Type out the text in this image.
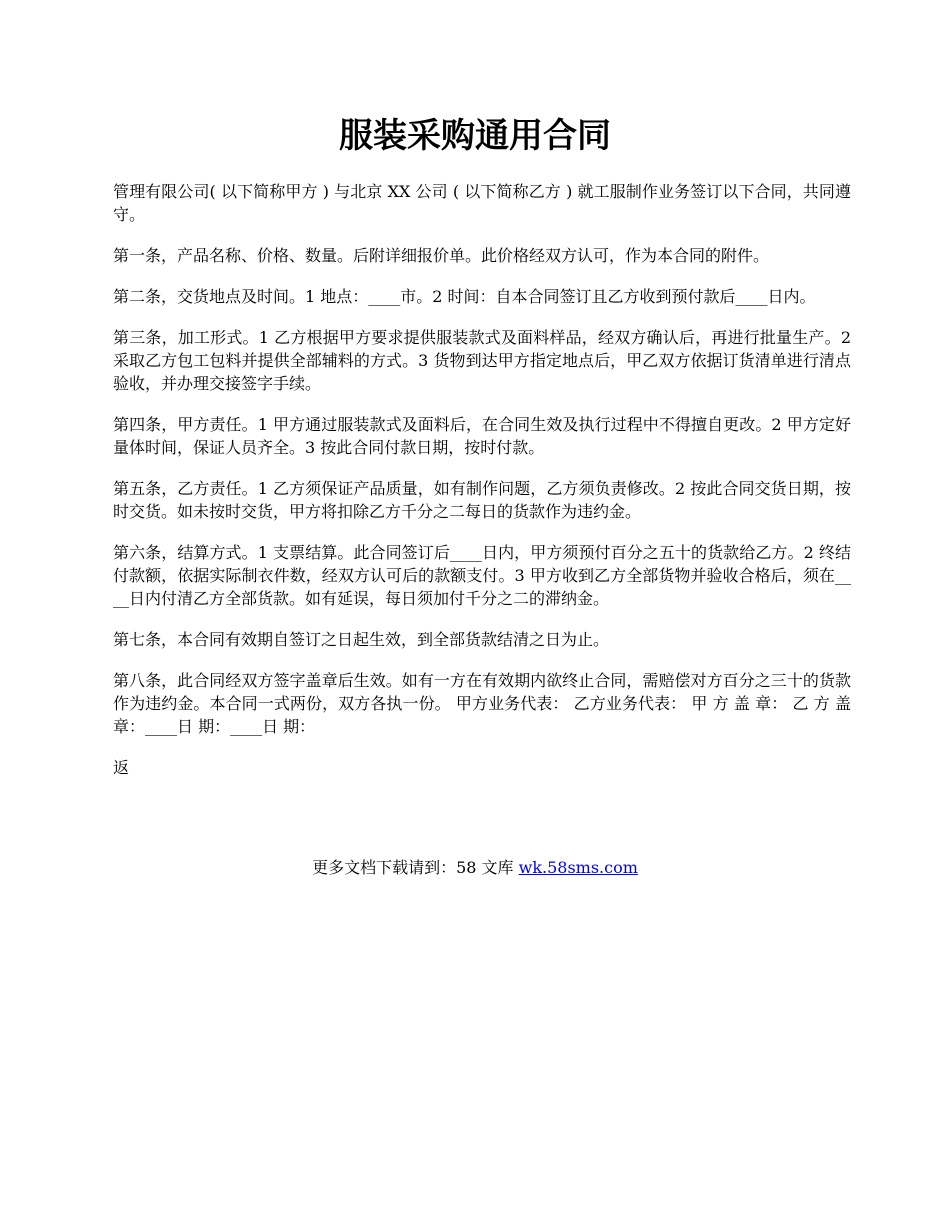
服装采购通用合同

管理有限公司( 以下简称甲方 ) 与北京 XX 公司 ( 以下简称乙方 ) 就工服制作业务签订以下合同，共同遵守。

第一条，产品名称、价格、数量。后附详细报价单。此价格经双方认可，作为本合同的附件。

第二条，交货地点及时间。1 地点：____市。2 时间：自本合同签订且乙方收到预付款后____日内。

第三条，加工形式。1 乙方根据甲方要求提供服装款式及面料样品，经双方确认后，再进行批量生产。2 采取乙方包工包料并提供全部辅料的方式。3 货物到达甲方指定地点后，甲乙双方依据订货清单进行清点验收，并办理交接签字手续。

第四条，甲方责任。1 甲方通过服装款式及面料后，在合同生效及执行过程中不得擅自更改。2 甲方定好量体时间，保证人员齐全。3 按此合同付款日期，按时付款。

第五条，乙方责任。1 乙方须保证产品质量，如有制作问题，乙方须负责修改。2 按此合同交货日期，按时交货。如未按时交货，甲方将扣除乙方千分之二每日的货款作为违约金。

第六条，结算方式。1 支票结算。此合同签订后____日内，甲方须预付百分之五十的货款给乙方。2 终结付款额，依据实际制衣件数，经双方认可后的款额支付。3 甲方收到乙方全部货物并验收合格后，须在____日内付清乙方全部货款。如有延误，每日须加付千分之二的滞纳金。

第七条，本合同有效期自签订之日起生效，到全部货款结清之日为止。

第八条，此合同经双方签字盖章后生效。如有一方在有效期内欲终止合同，需赔偿对方百分之三十的货款作为违约金。本合同一式两份，双方各执一份。 甲方业务代表： 乙方业务代表： 甲 方 盖 章： 乙 方 盖 章：____日 期：____日 期：

返

更多文档下载请到：58 文库 wk.58sms.com
